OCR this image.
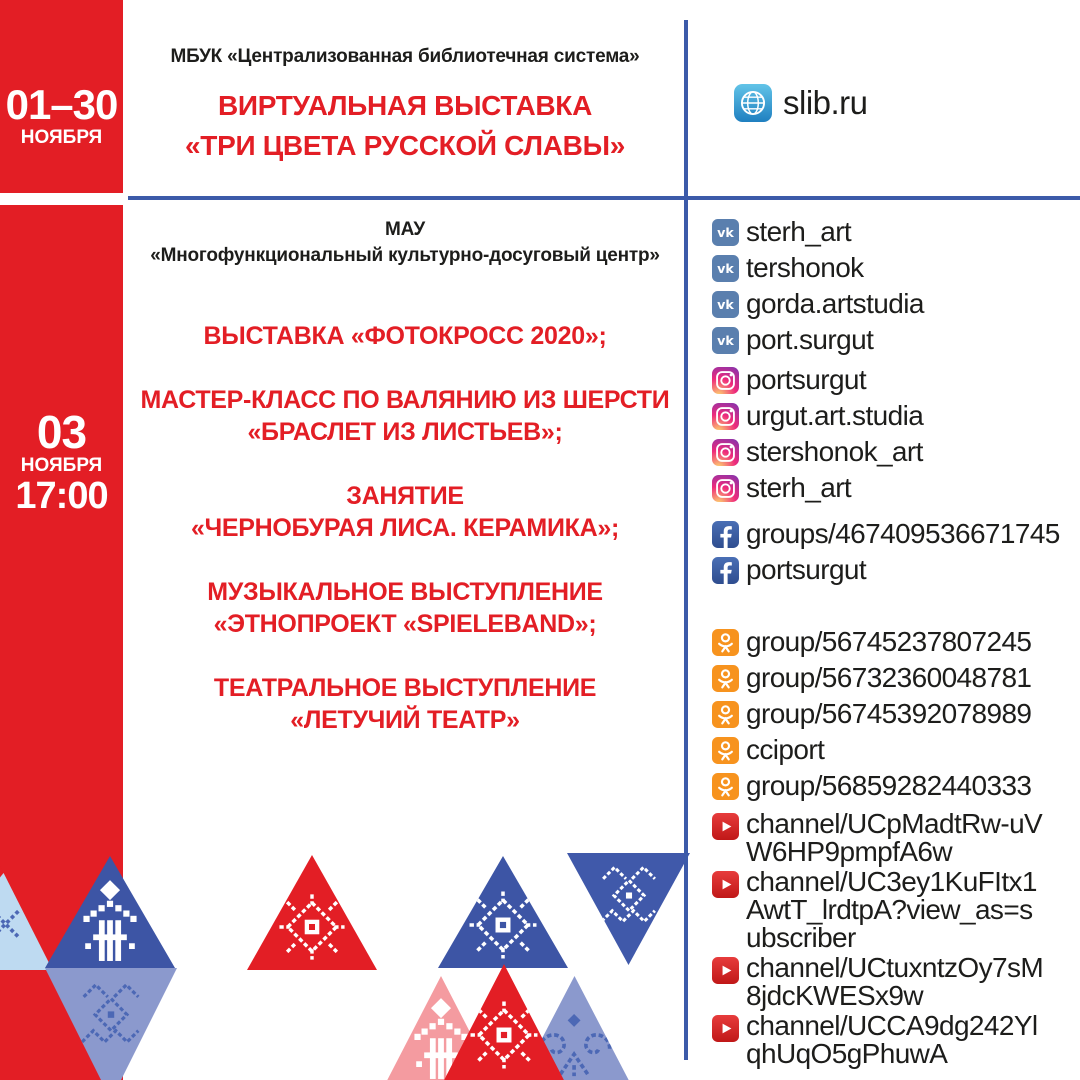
01–30
НОЯБРЯ
03
НОЯБРЯ
17:00
МБУК «Централизованная библиотечная система»
ВИРТУАЛЬНАЯ ВЫСТАВКА
«ТРИ ЦВЕТА РУССКОЙ СЛАВЫ»
slib.ru
МАУ
«Многофункциональный культурно-досуговый центр»
ВЫСТАВКА «ФОТОКРОСС 2020»;
МАСТЕР-КЛАСС ПО ВАЛЯНИЮ ИЗ ШЕРСТИ
«БРАСЛЕТ ИЗ ЛИСТЬЕВ»;
ЗАНЯТИЕ
«ЧЕРНОБУРАЯ ЛИСА. КЕРАМИКА»;
МУЗЫКАЛЬНОЕ ВЫСТУПЛЕНИЕ
«ЭТНОПРОЕКТ «SPIELEBAND»;
ТЕАТРАЛЬНОЕ ВЫСТУПЛЕНИЕ
«ЛЕТУЧИЙ ТЕАТР»
sterh_art
tershonok
gorda.artstudia
port.surgut
portsurgut
urgut.art.studia
stershonok_art
sterh_art
groups/467409536671745
portsurgut
group/56745237807245
group/56732360048781
group/56745392078989
cciport
group/56859282440333
channel/UCpMadtRw-uVW6HP9pmpfA6w
channel/UC3ey1KuFItx1AwtT_lrdtpA?view_as=subscriber
channel/UCtuxntzOy7sM8jdcKWESx9w
channel/UCCA9dg242YlqhUqO5gPhuwA
